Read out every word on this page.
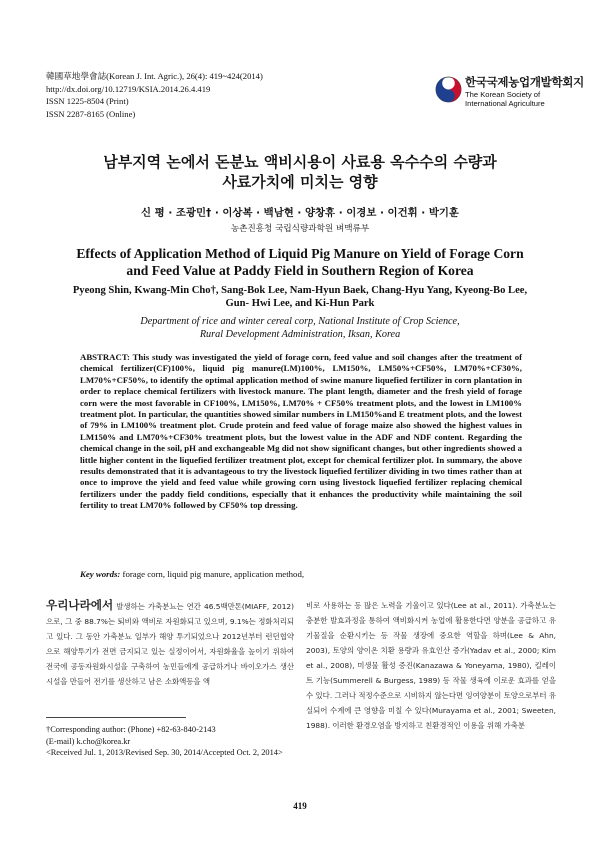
韓國草地學會誌(Korean J. Int. Agric.), 26(4): 419~424(2014)
http://dx.doi.org/10.12719/KSIA.2014.26.4.419
ISSN 1225-8504 (Print)
ISSN 2287-8165 (Online)
한국국제농업개발학회지
The Korean Society of International Agriculture
남부지역 논에서 돈분뇨 액비시용이 사료용 옥수수의 수량과
사료가치에 미치는 영향
신 평 · 조광민† · 이상복 · 백남현 · 양창휴 · 이경보 · 이건휘 · 박기훈
농촌진흥청 국립식량과학원 벼맥류부
Effects of Application Method of Liquid Pig Manure on Yield of Forage Corn
and Feed Value at Paddy Field in Southern Region of Korea
Pyeong Shin, Kwang-Min Cho†, Sang-Bok Lee, Nam-Hyun Baek, Chang-Hyu Yang, Kyeong-Bo Lee,
Gun- Hwi Lee, and Ki-Hun Park
Department of rice and winter cereal corp, National Institute of Crop Science,
Rural Development Administration, Iksan, Korea
ABSTRACT: This study was investigated the yield of forage corn, feed value and soil changes after the treatment of chemical fertilizer(CF)100%, liquid pig manure(LM)100%, LM150%, LM50%+CF50%, LM70%+CF30%, LM70%+CF50%, to identify the optimal application method of swine manure liquefied fertilizer in corn plantation in order to replace chemical fertilizers with livestock manure. The plant length, diameter and the fresh yield of forage corn were the most favorable in CF100%, LM150%, LM70% + CF50% treatment plots, and the lowest in LM100% treatment plot. In particular, the quantities showed similar numbers in LM150%and E treatment plots, and the lowest of 79% in LM100% treatment plot. Crude protein and feed value of forage maize also showed the highest values in LM150% and LM70%+CF30% treatment plots, but the lowest value in the ADF and NDF content. Regarding the chemical change in the soil, pH and exchangeable Mg did not show significant changes, but other ingredients showed a little higher content in the liquefied fertilizer treatment plot, except for chemical fertilizer plot. In summary, the above results demonstrated that it is advantageous to try the livestock liquefied fertilizer dividing in two times rather than at once to improve the yield and feed value while growing corn using livestock liquefied fertilizer replacing chemical fertilizers under the paddy field conditions, especially that it enhances the productivity while maintaining the soil fertility to treat LM70% followed by CF50% top dressing.
Key words: forage corn, liquid pig manure, application method,
우리나라에서 발생하는 가축분뇨는 연간 46.5백만톤(MIAFF, 2012)으로, 그 중 88.7%는 퇴비와 액비로 자원화되고 있으며, 9.1%는 정화처리되고 있다. 그 동안 가축분뇨 일부가 해양 투기되었으나 2012년부터 런던협약으로 해양투기가 전면 금지되고 있는 실정이어서, 자원화율을 높이기 위하여 전국에 공동자원화시설을 구축하여 농민들에게 공급하거나 바이오가스 생산시설을 만들어 전기를 생산하고 남은 소화액등을 액
비로 사용하는 등 많은 노력을 기울이고 있다(Lee at al., 2011). 가축분뇨는 충분한 발효과정을 통하여 액비화시켜 농업에 활용한다면 양분을 공급하고 유기물질을 순환시키는 등 작물 생장에 중요한 역할을 하며(Lee & Ahn, 2003), 토양의 양이온 치환 용량과 유효인산 증가(Yadav et al., 2000; Kim et al., 2008), 미생물 활성 증진(Kanazawa & Yoneyama, 1980), 킬레이트 기능(Summerell & Burgess, 1989) 등 작물 생육에 이로운 효과를 얻을 수 있다. 그러나 적정수준으로 시비하지 않는다면 잉여양분이 토양으로부터 유실되어 수계에 큰 영향을 미칠 수 있다(Murayama et al., 2001; Sweeten, 1988). 이러한 환경오염을 방지하고 친환경적인 이용을 위해 가축분
†Corresponding author: (Phone) +82-63-840-2143
(E-mail) k.cho@korea.kr
<Received Jul. 1, 2013/Revised Sep. 30, 2014/Accepted Oct. 2, 2014>
419
